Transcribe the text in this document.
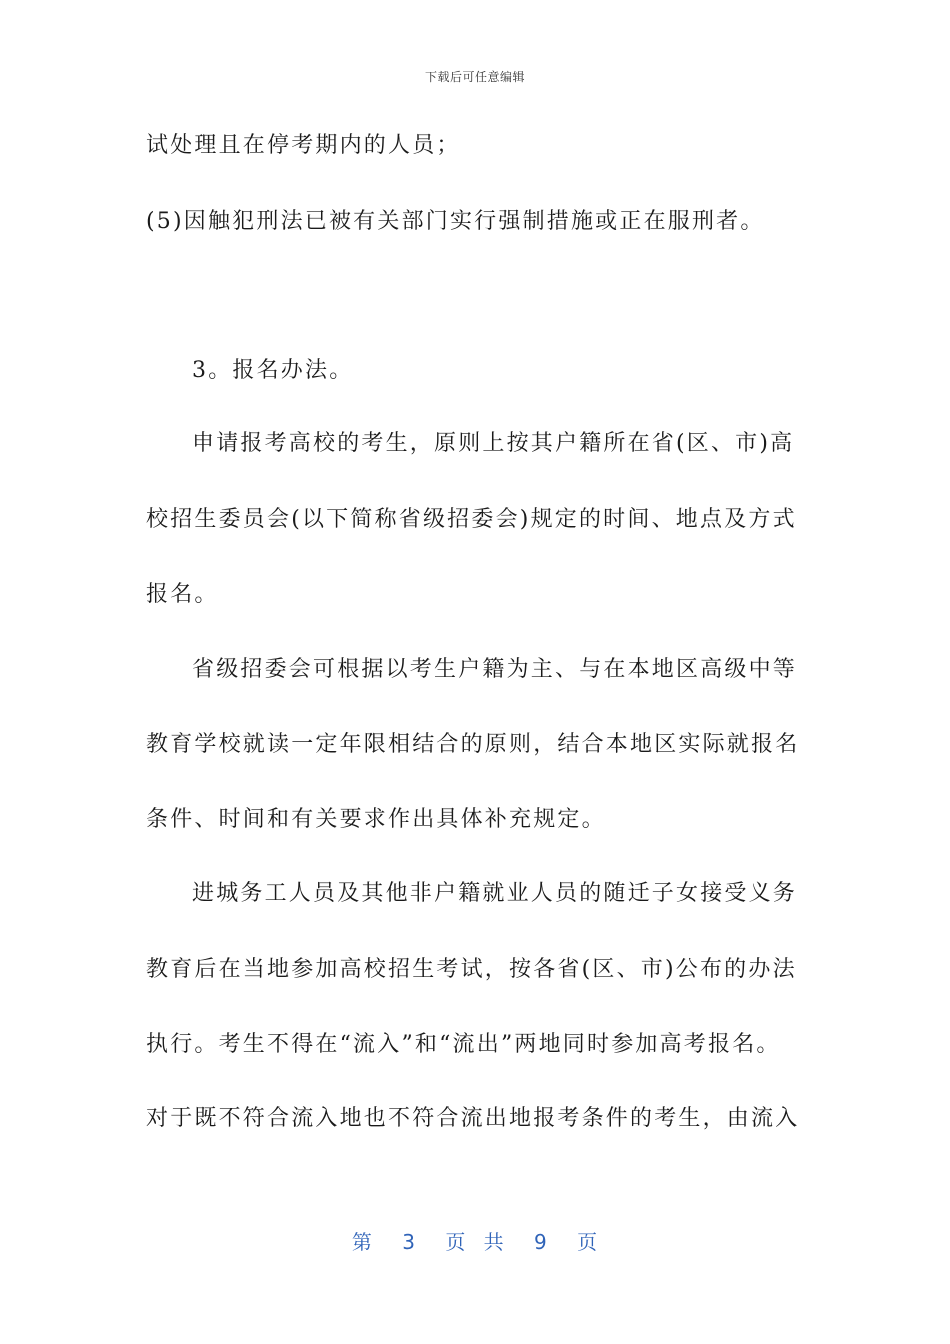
下载后可任意编辑
试处理且在停考期内的人员；
(5)因触犯刑法已被有关部门实行强制措施或正在服刑者。
3。报名办法。
申请报考高校的考生，原则上按其户籍所在省(区、市)高
校招生委员会(以下简称省级招委会)规定的时间、地点及方式
报名。
省级招委会可根据以考生户籍为主、与在本地区高级中等
教育学校就读一定年限相结合的原则，结合本地区实际就报名
条件、时间和有关要求作出具体补充规定。
进城务工人员及其他非户籍就业人员的随迁子女接受义务
教育后在当地参加高校招生考试，按各省(区、市)公布的办法
执行。考生不得在“流入”和“流出”两地同时参加高考报名。
对于既不符合流入地也不符合流出地报考条件的考生，由流入
第 3 页 共 9 页
